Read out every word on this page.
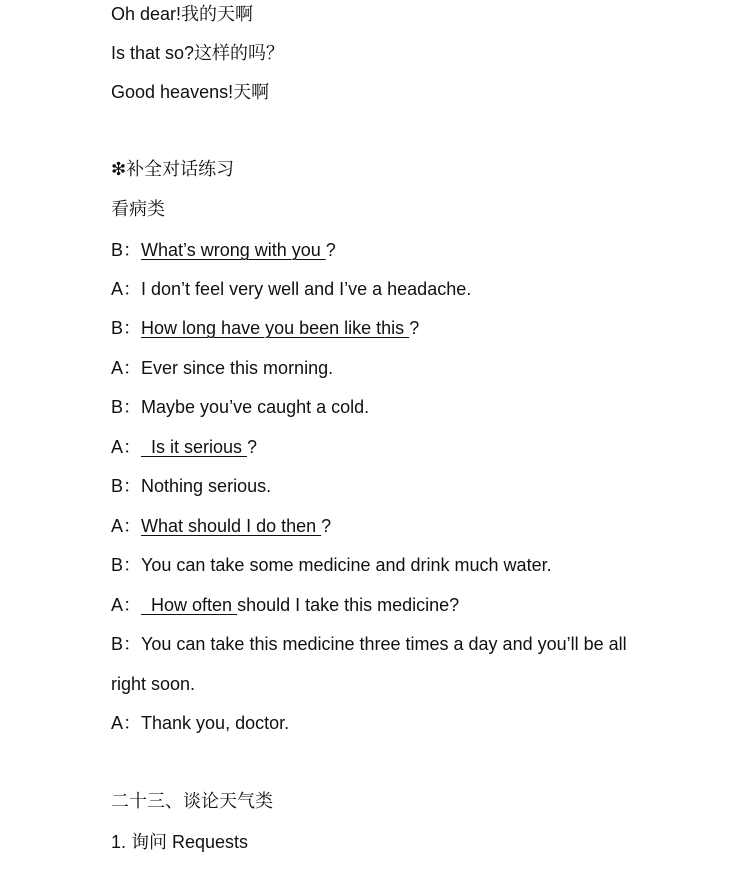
Oh dear!我的天啊
Is that so?这样的吗？
Good heavens!天啊
❇补全对话练习
看病类
B：What’s wrong with you ?
A：I don’t feel very well and I’ve a headache.
B：How long have you been like this ?
A：Ever since this morning.
B：Maybe you’ve caught a cold.
A：  Is it serious ?
B：Nothing serious.
A：What should I do then ?
B：You can take some medicine and drink much water.
A：  How often should I take this medicine?
B：You can take this medicine three times a day and you’ll be all
right soon.
A：Thank you, doctor.
二十三、谈论天气类
1. 询问 Requests
